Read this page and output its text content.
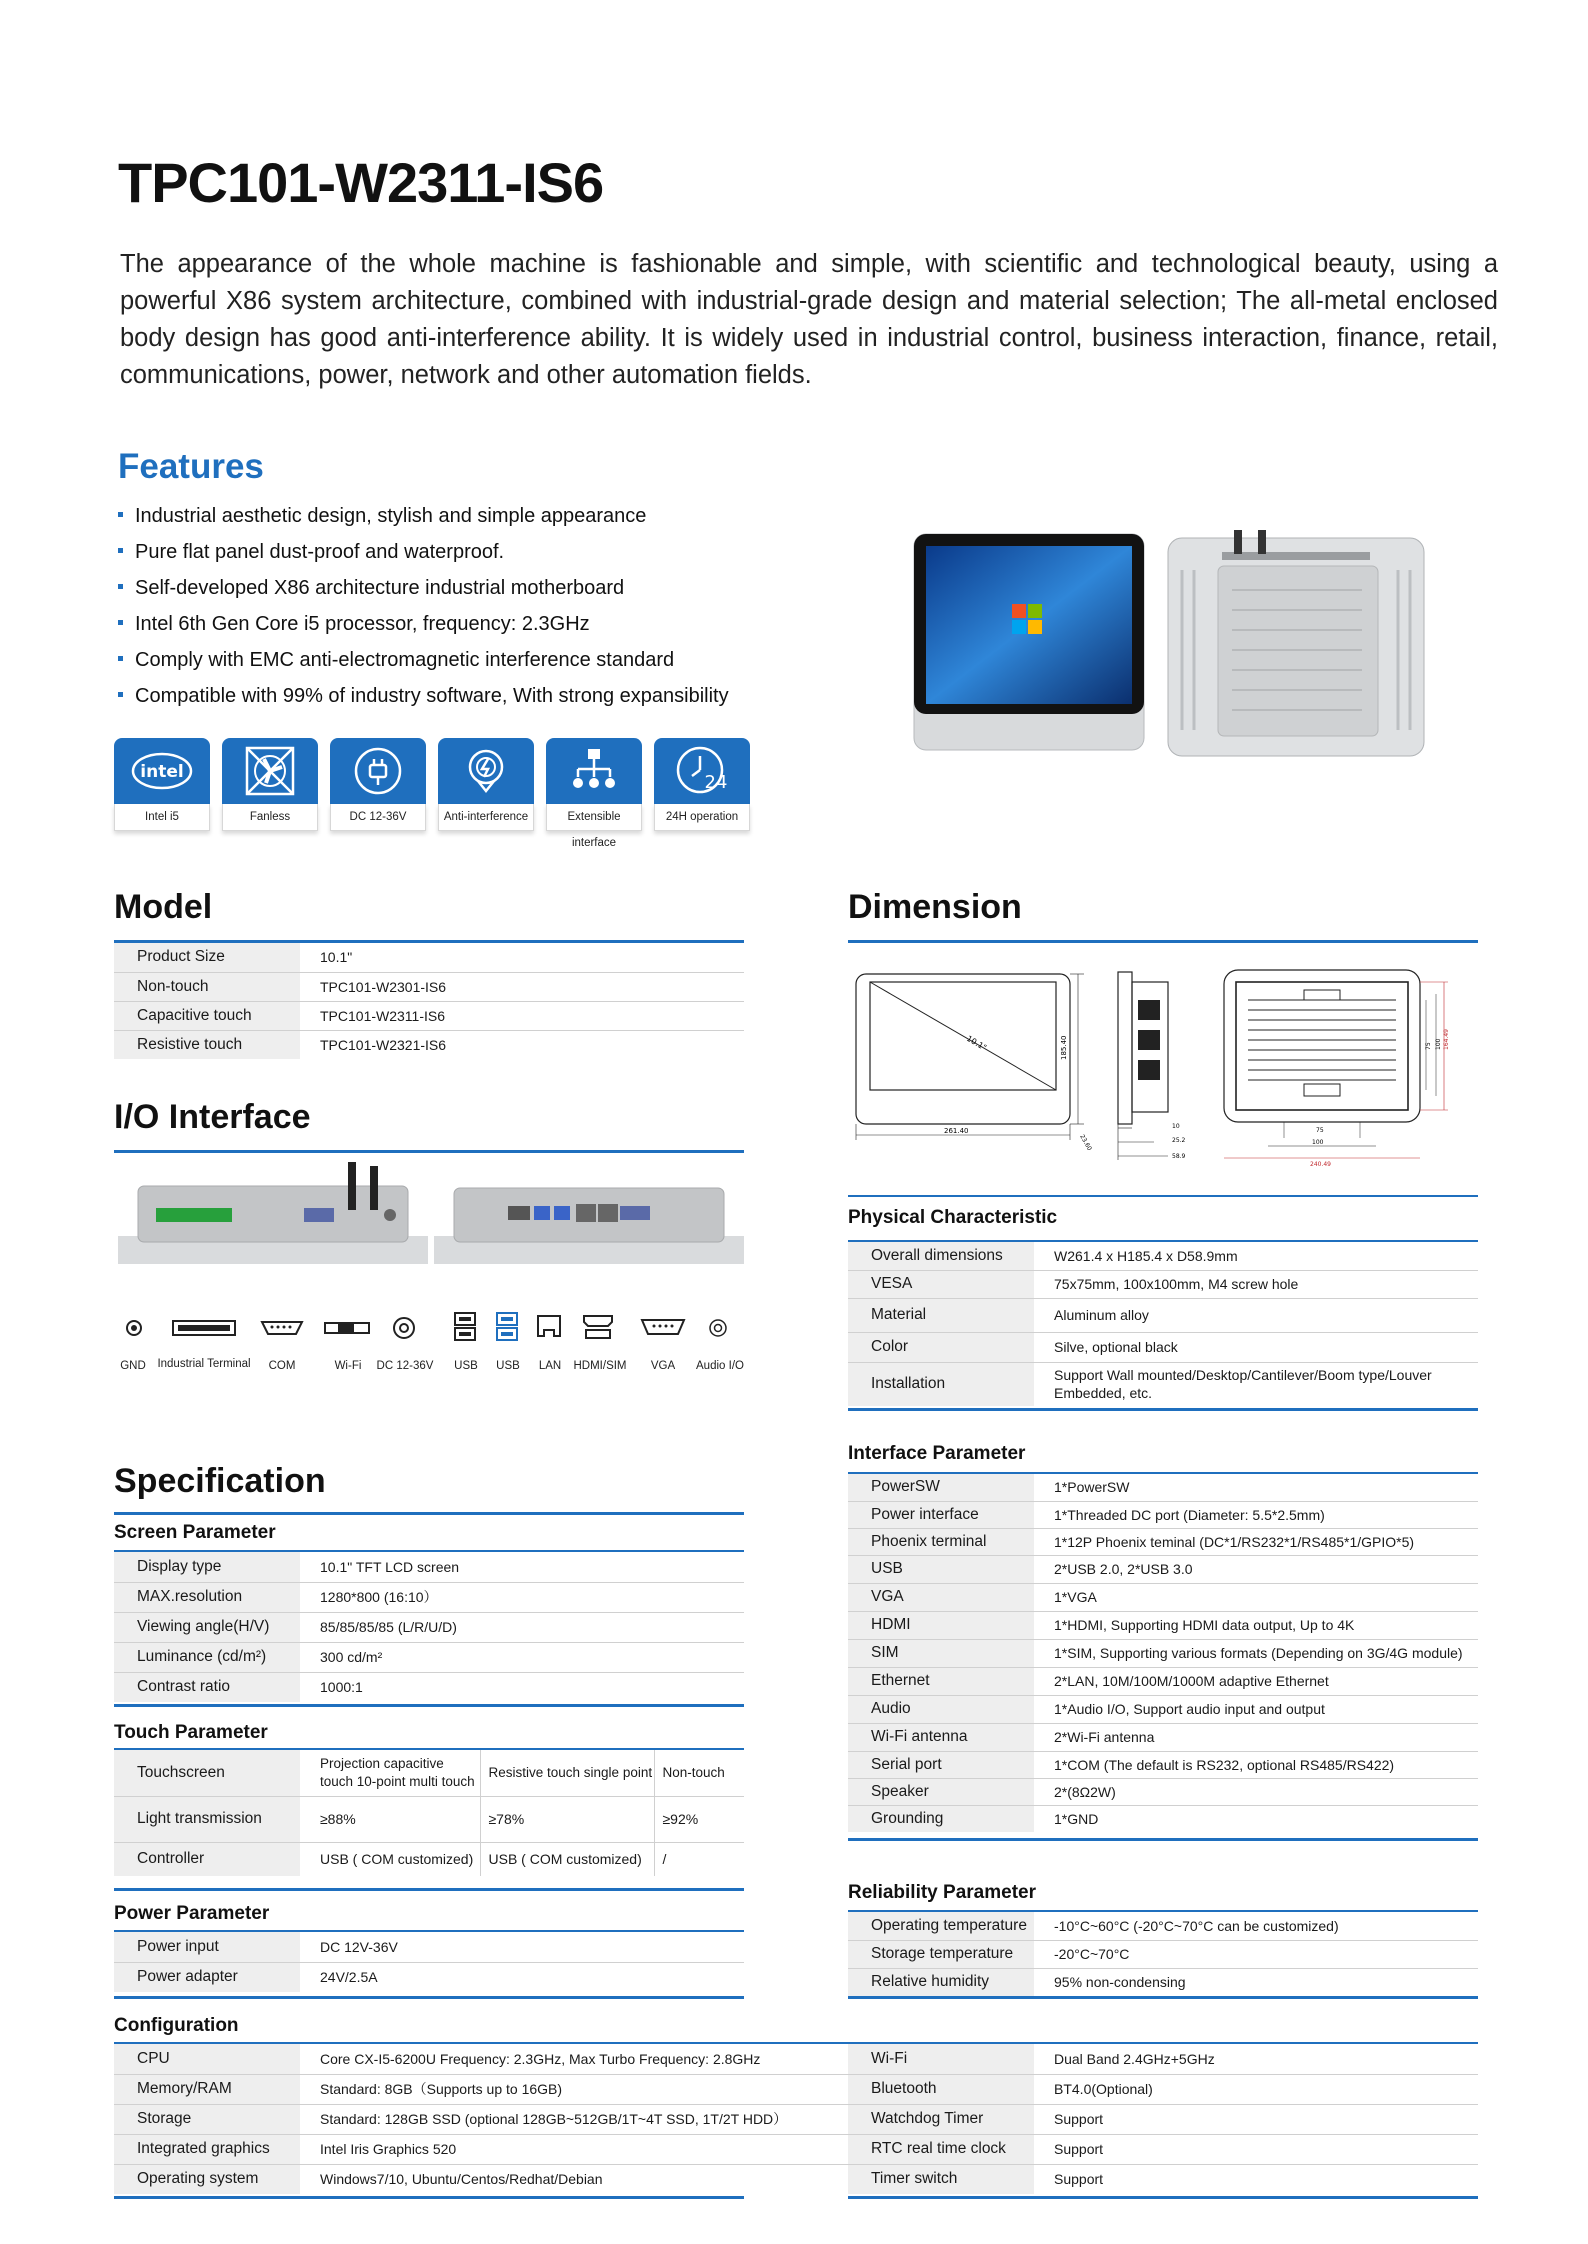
TPC101-W2311-IS6
The appearance of the whole machine is fashionable and simple, with scientific and technological beauty, using a powerful X86 system architecture, combined with industrial-grade design and material selection; The all-metal enclosed body design has good anti-interference ability. It is widely used in industrial control, business interaction, finance, retail, communications, power, network and other automation fields.
Features
Industrial aesthetic design, stylish and simple appearance
Pure flat panel dust-proof and waterproof.
Self-developed X86 architecture industrial motherboard
Intel 6th Gen Core i5 processor, frequency: 2.3GHz
Comply with EMC anti-electromagnetic interference standard
Compatible with 99% of industry software, With strong expansibility
intel
Intel i5	Fanless	DC 12-36V	Anti-interference	Extensible interface
24
24H operation
Model
Product Size	10.1"
Non-touch	TPC101-W2301-IS6
Capacitive touch	TPC101-W2311-IS6
Resistive touch	TPC101-W2321-IS6
I/O Interface
GND	Industrial Terminal	COM	Wi-Fi	DC 12-36V	USB	USB	LAN	HDMI/SIM	VGA	Audio I/O
Dimension
10.1"
261.40
185.40
23.60
10
25.2
58.9
164.49
75 100
75
100
240.49
Physical Characteristic
Overall dimensions	W261.4 x H185.4 x D58.9mm
VESA	75x75mm, 100x100mm, M4 screw hole
Material	Aluminum alloy
Color	Silve, optional black
Installation	Support Wall mounted/Desktop/Cantilever/Boom type/Louver Embedded, etc.
Interface Parameter
PowerSW	1*PowerSW
Power interface	1*Threaded DC port (Diameter: 5.5*2.5mm)
Phoenix terminal	1*12P Phoenix teminal (DC*1/RS232*1/RS485*1/GPIO*5)
USB	2*USB 2.0, 2*USB 3.0
VGA	1*VGA
HDMI	1*HDMI, Supporting HDMI data output, Up to 4K
SIM	1*SIM, Supporting various formats (Depending on 3G/4G module)
Ethernet	2*LAN, 10M/100M/1000M adaptive Ethernet
Audio	1*Audio I/O, Support audio input and output
Wi-Fi antenna	2*Wi-Fi antenna
Serial port	1*COM (The default is RS232, optional RS485/RS422)
Speaker	2*(8Ω2W)
Grounding	1*GND
Reliability Parameter
Operating temperature	-10°C~60°C (-20°C~70°C can be customized)
Storage temperature	-20°C~70°C
Relative humidity	95% non-condensing
Specification
Screen Parameter
Display type	10.1" TFT LCD screen
MAX.resolution	1280*800 (16:10）
Viewing angle(H/V)	85/85/85/85 (L/R/U/D)
Luminance (cd/m²)	300 cd/m²
Contrast ratio	1000:1
Touch Parameter
Touchscreen	Projection capacitive touch 10-point multi touch	Resistive touch single point	Non-touch
Light transmission	≥88%	≥78%	≥92%
Controller	USB ( COM customized)	USB ( COM customized)	/
Power Parameter
Power input	DC 12V-36V
Power adapter	24V/2.5A
Configuration
CPU	Core CX-I5-6200U Frequency: 2.3GHz, Max Turbo Frequency: 2.8GHz
Memory/RAM	Standard: 8GB（Supports up to 16GB)
Storage	Standard: 128GB SSD (optional 128GB~512GB/1T~4T SSD, 1T/2T HDD）
Integrated graphics	Intel Iris Graphics 520
Operating system	Windows7/10, Ubuntu/Centos/Redhat/Debian
Wi-Fi	Dual Band 2.4GHz+5GHz
Bluetooth	BT4.0(Optional)
Watchdog Timer	Support
RTC real time clock	Support
Timer switch	Support
